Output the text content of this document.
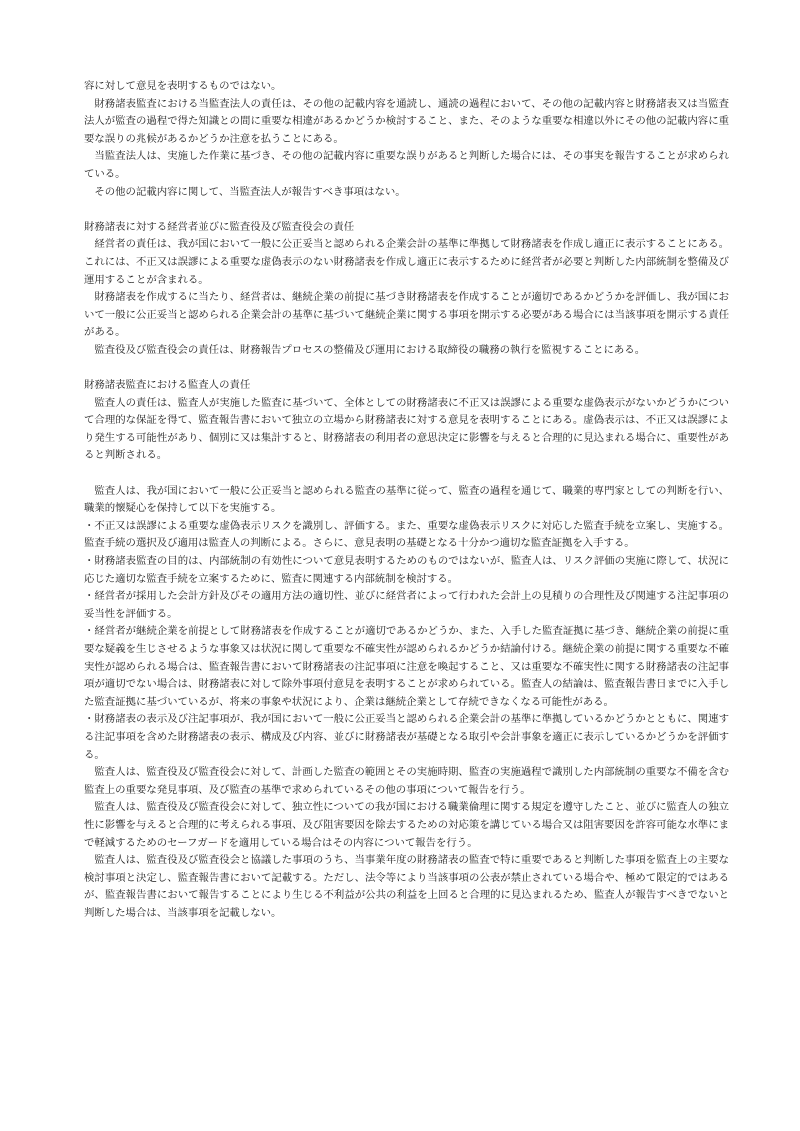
容に対して意見を表明するものではない。

財務諸表監査における当監査法人の責任は、その他の記載内容を通読し、通読の過程において、その他の記載内容と財務諸表又は当監査法人が監査の過程で得た知識との間に重要な相違があるかどうか検討すること、また、そのような重要な相違以外にその他の記載内容に重要な誤りの兆候があるかどうか注意を払うことにある。

当監査法人は、実施した作業に基づき、その他の記載内容に重要な誤りがあると判断した場合には、その事実を報告することが求められている。

その他の記載内容に関して、当監査法人が報告すべき事項はない。

財務諸表に対する経営者並びに監査役及び監査役会の責任

経営者の責任は、我が国において一般に公正妥当と認められる企業会計の基準に準拠して財務諸表を作成し適正に表示することにある。これには、不正又は誤謬による重要な虚偽表示のない財務諸表を作成し適正に表示するために経営者が必要と判断した内部統制を整備及び運用することが含まれる。

財務諸表を作成するに当たり、経営者は、継続企業の前提に基づき財務諸表を作成することが適切であるかどうかを評価し、我が国において一般に公正妥当と認められる企業会計の基準に基づいて継続企業に関する事項を開示する必要がある場合には当該事項を開示する責任がある。

監査役及び監査役会の責任は、財務報告プロセスの整備及び運用における取締役の職務の執行を監視することにある。

財務諸表監査における監査人の責任

監査人の責任は、監査人が実施した監査に基づいて、全体としての財務諸表に不正又は誤謬による重要な虚偽表示がないかどうかについて合理的な保証を得て、監査報告書において独立の立場から財務諸表に対する意見を表明することにある。虚偽表示は、不正又は誤謬により発生する可能性があり、個別に又は集計すると、財務諸表の利用者の意思決定に影響を与えると合理的に見込まれる場合に、重要性があると判断される。

監査人は、我が国において一般に公正妥当と認められる監査の基準に従って、監査の過程を通じて、職業的専門家としての判断を行い、職業的懐疑心を保持して以下を実施する。

・不正又は誤謬による重要な虚偽表示リスクを識別し、評価する。また、重要な虚偽表示リスクに対応した監査手続を立案し、実施する。監査手続の選択及び適用は監査人の判断による。さらに、意見表明の基礎となる十分かつ適切な監査証拠を入手する。

・財務諸表監査の目的は、内部統制の有効性について意見表明するためのものではないが、監査人は、リスク評価の実施に際して、状況に応じた適切な監査手続を立案するために、監査に関連する内部統制を検討する。

・経営者が採用した会計方針及びその適用方法の適切性、並びに経営者によって行われた会計上の見積りの合理性及び関連する注記事項の妥当性を評価する。

・経営者が継続企業を前提として財務諸表を作成することが適切であるかどうか、また、入手した監査証拠に基づき、継続企業の前提に重要な疑義を生じさせるような事象又は状況に関して重要な不確実性が認められるかどうか結論付ける。継続企業の前提に関する重要な不確実性が認められる場合は、監査報告書において財務諸表の注記事項に注意を喚起すること、又は重要な不確実性に関する財務諸表の注記事項が適切でない場合は、財務諸表に対して除外事項付意見を表明することが求められている。監査人の結論は、監査報告書日までに入手した監査証拠に基づいているが、将来の事象や状況により、企業は継続企業として存続できなくなる可能性がある。

・財務諸表の表示及び注記事項が、我が国において一般に公正妥当と認められる企業会計の基準に準拠しているかどうかとともに、関連する注記事項を含めた財務諸表の表示、構成及び内容、並びに財務諸表が基礎となる取引や会計事象を適正に表示しているかどうかを評価する。

監査人は、監査役及び監査役会に対して、計画した監査の範囲とその実施時期、監査の実施過程で識別した内部統制の重要な不備を含む監査上の重要な発見事項、及び監査の基準で求められているその他の事項について報告を行う。

監査人は、監査役及び監査役会に対して、独立性についての我が国における職業倫理に関する規定を遵守したこと、並びに監査人の独立性に影響を与えると合理的に考えられる事項、及び阻害要因を除去するための対応策を講じている場合又は阻害要因を許容可能な水準にまで軽減するためのセーフガードを適用している場合はその内容について報告を行う。

監査人は、監査役及び監査役会と協議した事項のうち、当事業年度の財務諸表の監査で特に重要であると判断した事項を監査上の主要な検討事項と決定し、監査報告書において記載する。ただし、法令等により当該事項の公表が禁止されている場合や、極めて限定的ではあるが、監査報告書において報告することにより生じる不利益が公共の利益を上回ると合理的に見込まれるため、監査人が報告すべきでないと判断した場合は、当該事項を記載しない。
